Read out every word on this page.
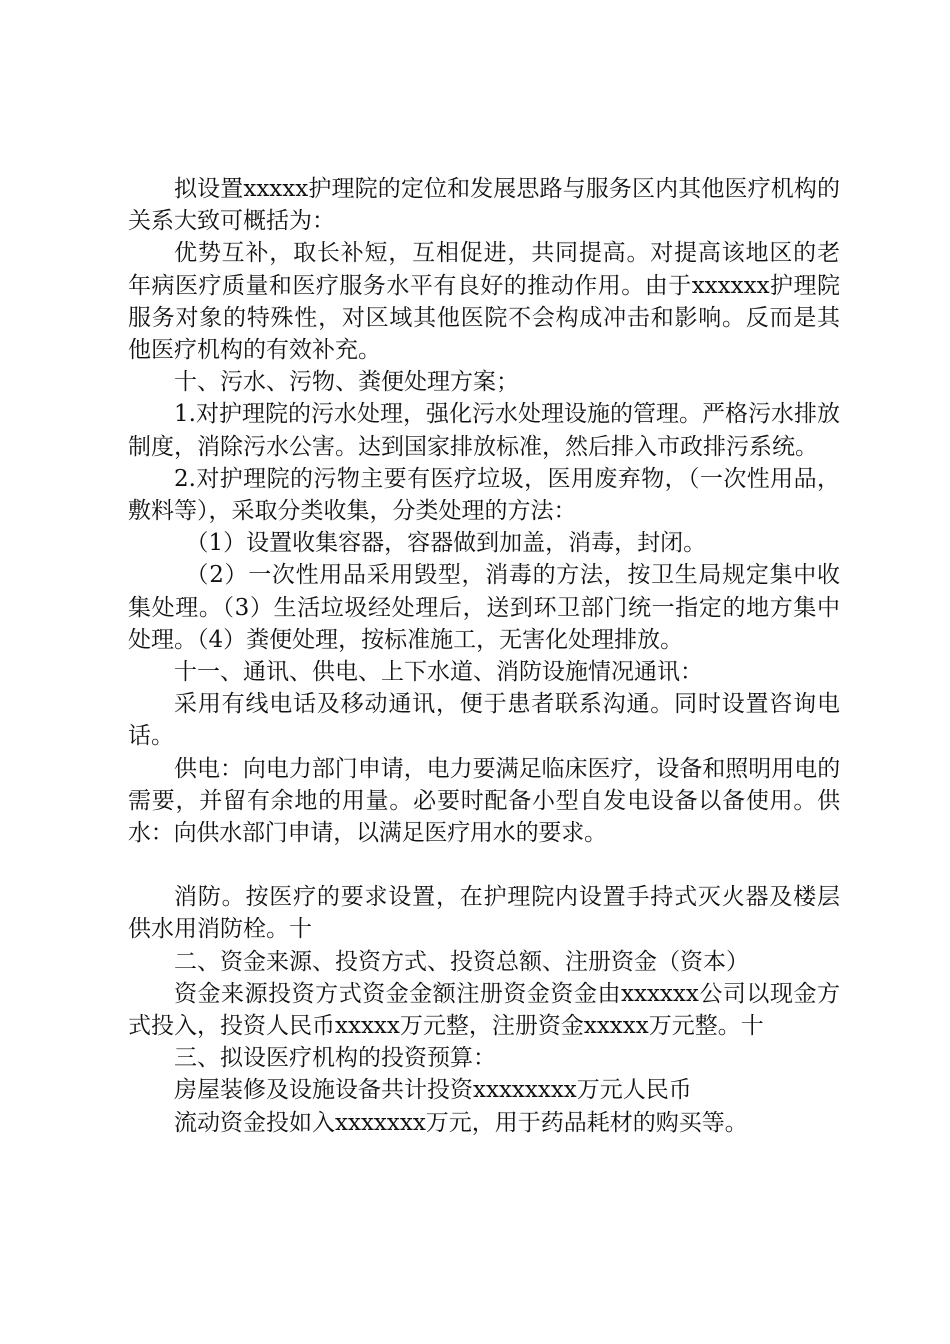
拟设置xxxxx护理院的定位和发展思路与服务区内其他医疗机构的关系大致可概括为：

优势互补，取长补短，互相促进，共同提高。对提高该地区的老年病医疗质量和医疗服务水平有良好的推动作用。由于xxxxxx护理院服务对象的特殊性，对区域其他医院不会构成冲击和影响。反而是其他医疗机构的有效补充。

十、污水、污物、粪便处理方案；

1.对护理院的污水处理，强化污水处理设施的管理。严格污水排放制度，消除污水公害。达到国家排放标准，然后排入市政排污系统。

2.对护理院的污物主要有医疗垃圾，医用废弃物，（一次性用品，敷料等），采取分类收集，分类处理的方法：

（1）设置收集容器，容器做到加盖，消毒，封闭。

（2）一次性用品采用毁型，消毒的方法，按卫生局规定集中收集处理。（3）生活垃圾经处理后，送到环卫部门统一指定的地方集中处理。（4）粪便处理，按标准施工，无害化处理排放。

十一、通讯、供电、上下水道、消防设施情况通讯：

采用有线电话及移动通讯，便于患者联系沟通。同时设置咨询电话。

供电：向电力部门申请，电力要满足临床医疗，设备和照明用电的需要，并留有余地的用量。必要时配备小型自发电设备以备使用。供水：向供水部门申请，以满足医疗用水的要求。

消防。按医疗的要求设置，在护理院内设置手持式灭火器及楼层供水用消防栓。十

二、资金来源、投资方式、投资总额、注册资金（资本）

资金来源投资方式资金金额注册资金资金由xxxxxx公司以现金方式投入，投资人民币xxxxx万元整，注册资金xxxxx万元整。十

三、拟设医疗机构的投资预算：

房屋装修及设施设备共计投资xxxxxxxx万元人民币

流动资金投如入xxxxxxx万元，用于药品耗材的购买等。
